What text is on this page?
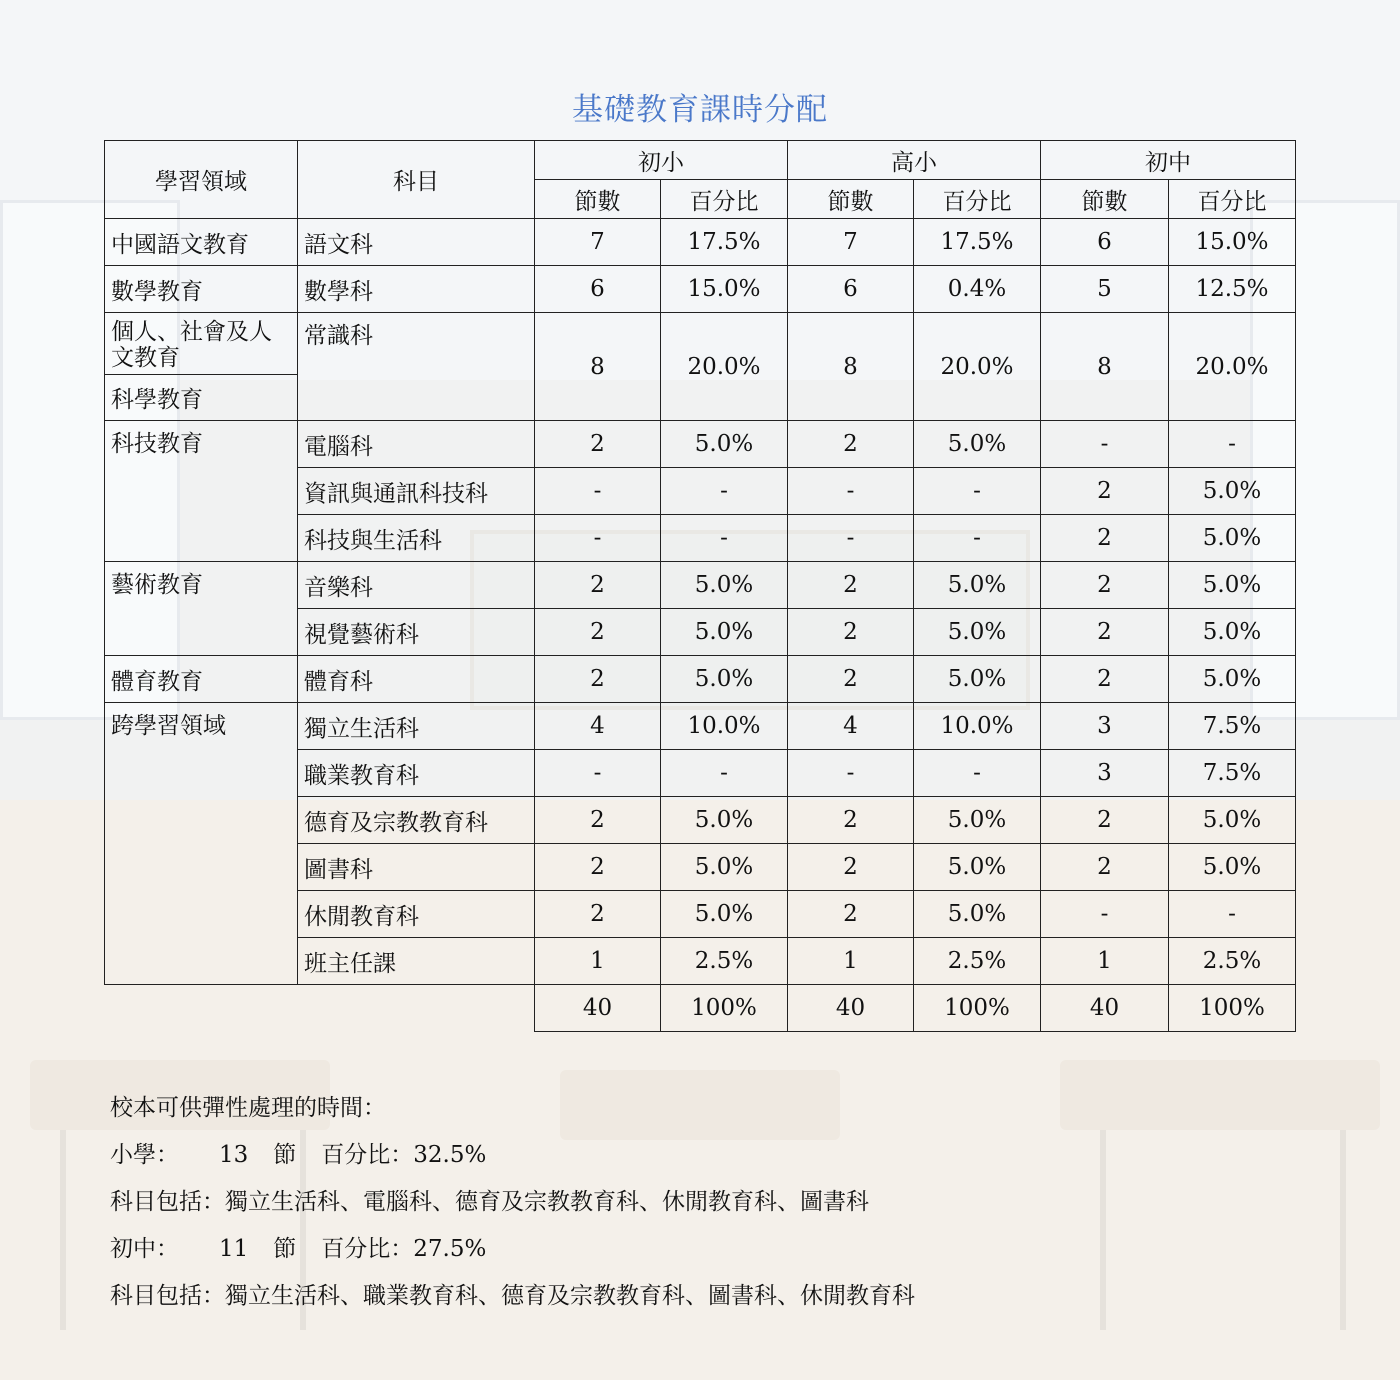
基礎教育課時分配
學習領域	科目	初小		高小		初中	
		節數	百分比	節數	百分比	節數	百分比
中國語文教育	語文科	7	17.5%	7	17.5%	6	15.0%
數學教育	數學科	6	15.0%	6	0.4%	5	12.5%
個人、社會及人文教育	常識科	8	20.0%	8	20.0%	8	20.0%
科學教育							
科技教育	電腦科	2	5.0%	2	5.0%	-	-
	資訊與通訊科技科	-	-	-	-	2	5.0%
	科技與生活科	-	-	-	-	2	5.0%
藝術教育	音樂科	2	5.0%	2	5.0%	2	5.0%
	視覺藝術科	2	5.0%	2	5.0%	2	5.0%
體育教育	體育科	2	5.0%	2	5.0%	2	5.0%
跨學習領域	獨立生活科	4	10.0%	4	10.0%	3	7.5%
	職業教育科	-	-	-	-	3	7.5%
	德育及宗教教育科	2	5.0%	2	5.0%	2	5.0%
	圖書科	2	5.0%	2	5.0%	2	5.0%
	休閒教育科	2	5.0%	2	5.0%	-	-
	班主任課	1	2.5%	1	2.5%	1	2.5%
		40	100%	40	100%	40	100%
校本可供彈性處理的時間：
小學： 13 節 百分比：32.5%
科目包括：獨立生活科、電腦科、德育及宗教教育科、休閒教育科、圖書科
初中： 11 節 百分比：27.5%
科目包括：獨立生活科、職業教育科、德育及宗教教育科、圖書科、休閒教育科
